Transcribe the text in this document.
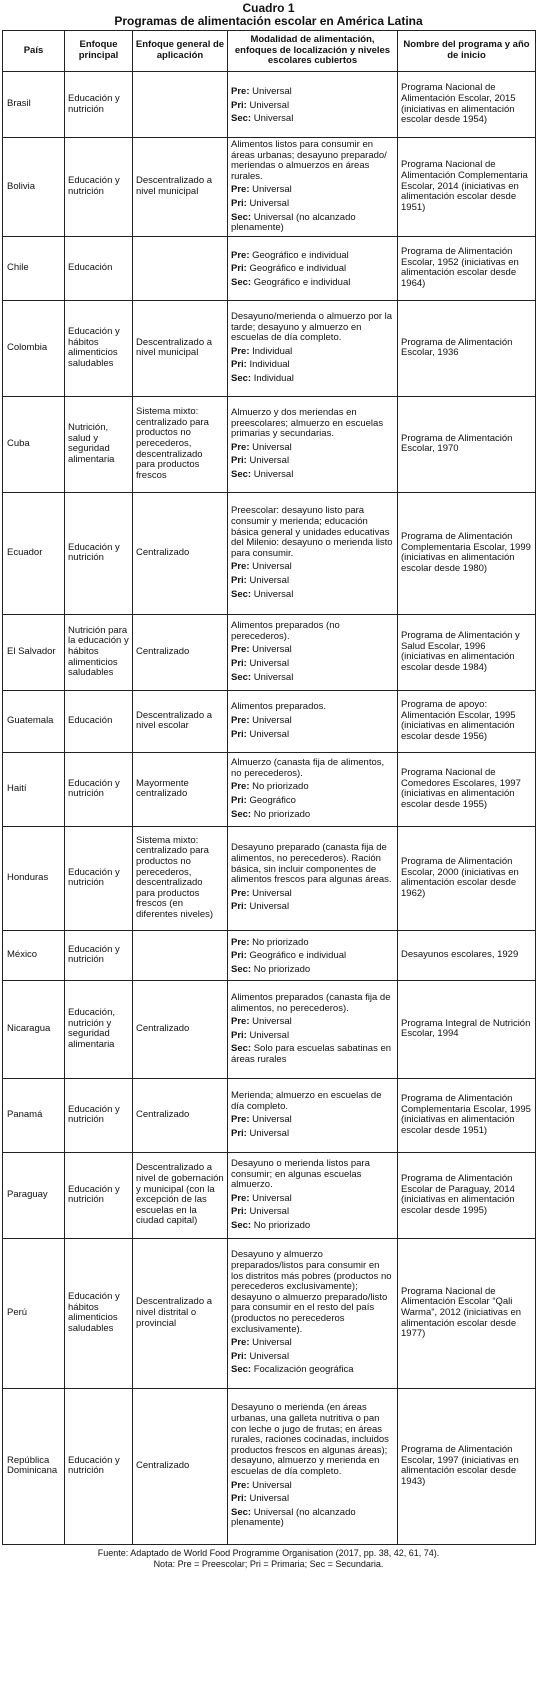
Cuadro 1
Programas de alimentación escolar en América Latina
País	Enfoque principal	Enfoque general de aplicación	Modalidad de alimentación, enfoques de localización y niveles escolares cubiertos	Nombre del programa y año de inicio
Brasil	Educación y nutrición		Pre: Universal
Pri: Universal
Sec: Universal	Programa Nacional de Alimentación Escolar, 2015 (iniciativas en alimentación escolar desde 1954)
Bolivia	Educación y nutrición	Descentralizado a nivel municipal	Alimentos listos para consumir en áreas urbanas; desayuno preparado/ meriendas o almuerzos en áreas rurales.
Pre: Universal
Pri: Universal
Sec: Universal (no alcanzado plenamente)	Programa Nacional de Alimentación Complementaria Escolar, 2014 (iniciativas en alimentación escolar desde 1951)
Chile	Educación		Pre: Geográfico e individual
Pri: Geográfico e individual
Sec: Geográfico e individual	Programa de Alimentación Escolar, 1952 (iniciativas en alimentación escolar desde 1964)
Colombia	Educación y hábitos alimenticios saludables	Descentralizado a nivel municipal	Desayuno/merienda o almuerzo por la tarde; desayuno y almuerzo en escuelas de día completo.
Pre: Individual
Pri: Individual
Sec: Individual	Programa de Alimentación Escolar, 1936
Cuba	Nutrición, salud y seguridad alimentaria	Sistema mixto: centralizado para productos no perecederos, descentralizado para productos frescos	Almuerzo y dos meriendas en preescolares; almuerzo en escuelas primarias y secundarias.
Pre: Universal
Pri: Universal
Sec: Universal	Programa de Alimentación Escolar, 1970
Ecuador	Educación y nutrición	Centralizado	Preescolar: desayuno listo para consumir y merienda; educación básica general y unidades educativas del Milenio: desayuno o merienda listo para consumir.
Pre: Universal
Pri: Universal
Sec: Universal	Programa de Alimentación Complementaria Escolar, 1999 (iniciativas en alimentación escolar desde 1980)
El Salvador	Nutrición para la educación y hábitos alimenticios saludables	Centralizado	Alimentos preparados (no perecederos).
Pre: Universal
Pri: Universal
Sec: Universal	Programa de Alimentación y Salud Escolar, 1996 (iniciativas en alimentación escolar desde 1984)
Guatemala	Educación	Descentralizado a nivel escolar	Alimentos preparados.
Pre: Universal
Pri: Universal	Programa de apoyo: Alimentación Escolar, 1995 (iniciativas en alimentación escolar desde 1956)
Haití	Educación y nutrición	Mayormente centralizado	Almuerzo (canasta fija de alimentos, no perecederos).
Pre: No priorizado
Pri: Geográfico
Sec: No priorizado	Programa Nacional de Comedores Escolares, 1997 (iniciativas en alimentación escolar desde 1955)
Honduras	Educación y nutrición	Sistema mixto: centralizado para productos no perecederos, descentralizado para productos frescos (en diferentes niveles)	Desayuno preparado (canasta fija de alimentos, no perecederos). Ración básica, sin incluir componentes de alimentos frescos para algunas áreas.
Pre: Universal
Pri: Universal	Programa de Alimentación Escolar, 2000 (iniciativas en alimentación escolar desde 1962)
México	Educación y nutrición		Pre: No priorizado
Pri: Geográfico e individual
Sec: No priorizado	Desayunos escolares, 1929
Nicaragua	Educación, nutrición y seguridad alimentaria	Centralizado	Alimentos preparados (canasta fija de alimentos, no perecederos).
Pre: Universal
Pri: Universal
Sec: Solo para escuelas sabatinas en áreas rurales	Programa Integral de Nutrición Escolar, 1994
Panamá	Educación y nutrición	Centralizado	Merienda; almuerzo en escuelas de día completo.
Pre: Universal
Pri: Universal	Programa de Alimentación Complementaria Escolar, 1995 (iniciativas en alimentación escolar desde 1951)
Paraguay	Educación y nutrición	Descentralizado a nivel de gobernación y municipal (con la excepción de las escuelas en la ciudad capital)	Desayuno o merienda listos para consumir; en algunas escuelas almuerzo.
Pre: Universal
Pri: Universal
Sec: No priorizado	Programa de Alimentación Escolar de Paraguay, 2014 (iniciativas en alimentación escolar desde 1995)
Perú	Educación y hábitos alimenticios saludables	Descentralizado a nivel distrital o provincial	Desayuno y almuerzo preparados/listos para consumir en los distritos más pobres (productos no perecederos exclusivamente); desayuno o almuerzo preparado/listo para consumir en el resto del país (productos no perecederos exclusivamente).
Pre: Universal
Pri: Universal
Sec: Focalización geográfica	Programa Nacional de Alimentación Escolar “Qali Warma”, 2012 (iniciativas en alimentación escolar desde 1977)
República Dominicana	Educación y nutrición	Centralizado	Desayuno o merienda (en áreas urbanas, una galleta nutritiva o pan con leche o jugo de frutas; en áreas rurales, raciones cocinadas, incluidos productos frescos en algunas áreas); desayuno, almuerzo y merienda en escuelas de día completo.
Pre: Universal
Pri: Universal
Sec: Universal (no alcanzado plenamente)	Programa de Alimentación Escolar, 1997 (iniciativas en alimentación escolar desde 1943)
Fuente: Adaptado de World Food Programme Organisation (2017, pp. 38, 42, 61, 74).
Nota: Pre = Preescolar; Pri = Primaria; Sec = Secundaria.
